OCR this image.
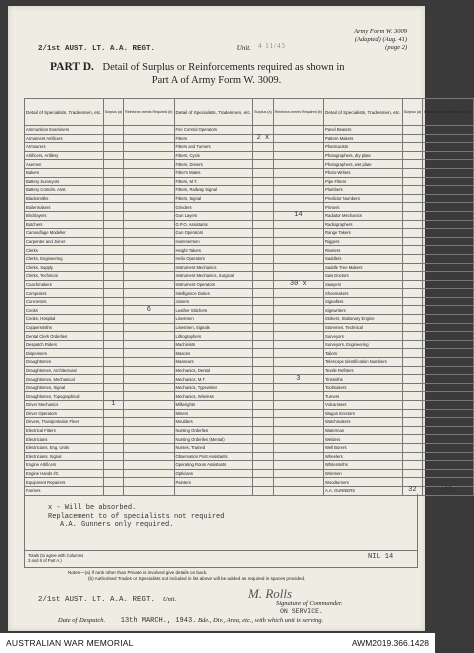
2/1st AUST. LT. A.A. REGT.	Unit. 4 11/43
Army Form W. 3009
(Adapted) (Aug. 41)
(page 2)
PART D. Detail of Surplus or Reinforcements required as shown in
Part A of Army Form W. 3009.
Detail of Specialists, Tradesmen, etc.	Surplus (a)	Reinforce-ments Required (b)	Detail of Specialists, Tradesmen, etc.	Surplus (a)	Reinforce-ments Required (b)	Detail of Specialists, Tradesmen, etc.	Surplus (a)	Reinforce-ments Required (b)
Ammunition Examiners			Fire Control Operators			Panel Beaters		
Armament Artificers			Fitters	2 x		Pattern Makers		
Armourers			Fitters and Turners			Pharmacists		
Artificers, Artillery			Fitters, Cycle			Photographers, dry plate		
Axemen			Fitters, Drivers			Photographers, wet plate		
Bakers			Fitter's Mates			Photo-Writers		
Battery Surveyors			Fitters, M.T.			Pipe Fitters		
Battery Comdrs. Asst.			Fitters, Railway Signal			Plumbers		
Blacksmiths			Fitters, Signal			Predictor Numbers		
Boilermakers			Grinders			Printers		
Bricklayers			Gun Layers		14	Radiator Mechanics		
Butchers			G.P.O. Assistants			Radiographers		
Camouflage Modeller			Gun Operators			Range Takers		
Carpenter and Joiner			Hammermen			Riggers		
Clerks			Height Takers			Riveters		
Clerks, Engineering			Helio Operators			Saddlers		
Clerks, Supply			Instrument Mechanics			Saddle Tree Makers		
Clerks, Technical			Instrument Mechanics, Surgical			Saw Doctors		
Coachmakers			Instrument Operators		30 x	Sawyers		
Computers			Intelligence Duties			Shoemakers		
Concretors			Joiners			Signallers		
Cooks		6	Leather Stitchers			Signwriters		
Cooks, Hospital			Linesmen			Stokers, Stationary Engine		
Coppersmiths			Linesmen, Signals			Storemen, Technical		
Dental Clerk Orderlies			Lithographers			Surveyors		
Despatch Riders			Machinists			Surveyors, Engineering		
Dispensers			Masons			Tailors		
Draughtsmen			Masseurs			Telescope Identification Numbers		
Draughtsmen, Architectural			Mechanics, Dental			Textile Refitters		
Draughtsmen, Mechanical			Mechanics, M.T.		3	Tinsmiths		
Draughtsmen, Signal			Mechanics, Typewriter			Toolmakers		
Draughtsmen, Topographical			Mechanics, Wireless			Turners		
Driver Mechanics	1		Millwrights			Vulcanisers		
Driver Operators			Miners			Wagon Erectors		
Drivers, Transportation Fleet			Moulders			Watchmakers		
Electrical Fitters			Nursing Orderlies			Waterman		
Electricians			Nursing Orderlies (Mental)			Welders		
Electricians, Eng. Units			Nurses, Trained			Well Borers		
Electricians, Signal			Observation Post Assistants			Wheelers		
Engine Artificers			Operating Room Assistants			Whitesmiths		
Engine Hands I/C			Opticians			Wiremen		
Equipment Repairers			Painters			Woodturners		
Farriers						A.A. GUNNERS	32	46
x - Will be absorbed.
Replacement to of specialists not required
A.A. Gunners only required.
Totals (to agree with Columns
3 and 6 of Part A.)	NIL 14
Notes—(a) If rank other than Private is involved give details on back.
(b) Authorised Trades or Specialists not included in list above will be added as required in spaces provided.
2/1st AUST. LT. A.A. REGT. Unit.	M. Rolls
Signature of Commander.
ON SERVICE.
Date of Despatch. 13th MARCH., 1943. Bde., Div., Area, etc., with which unit is serving.
AUSTRALIAN WAR MEMORIAL	AWM2019.366.1428
